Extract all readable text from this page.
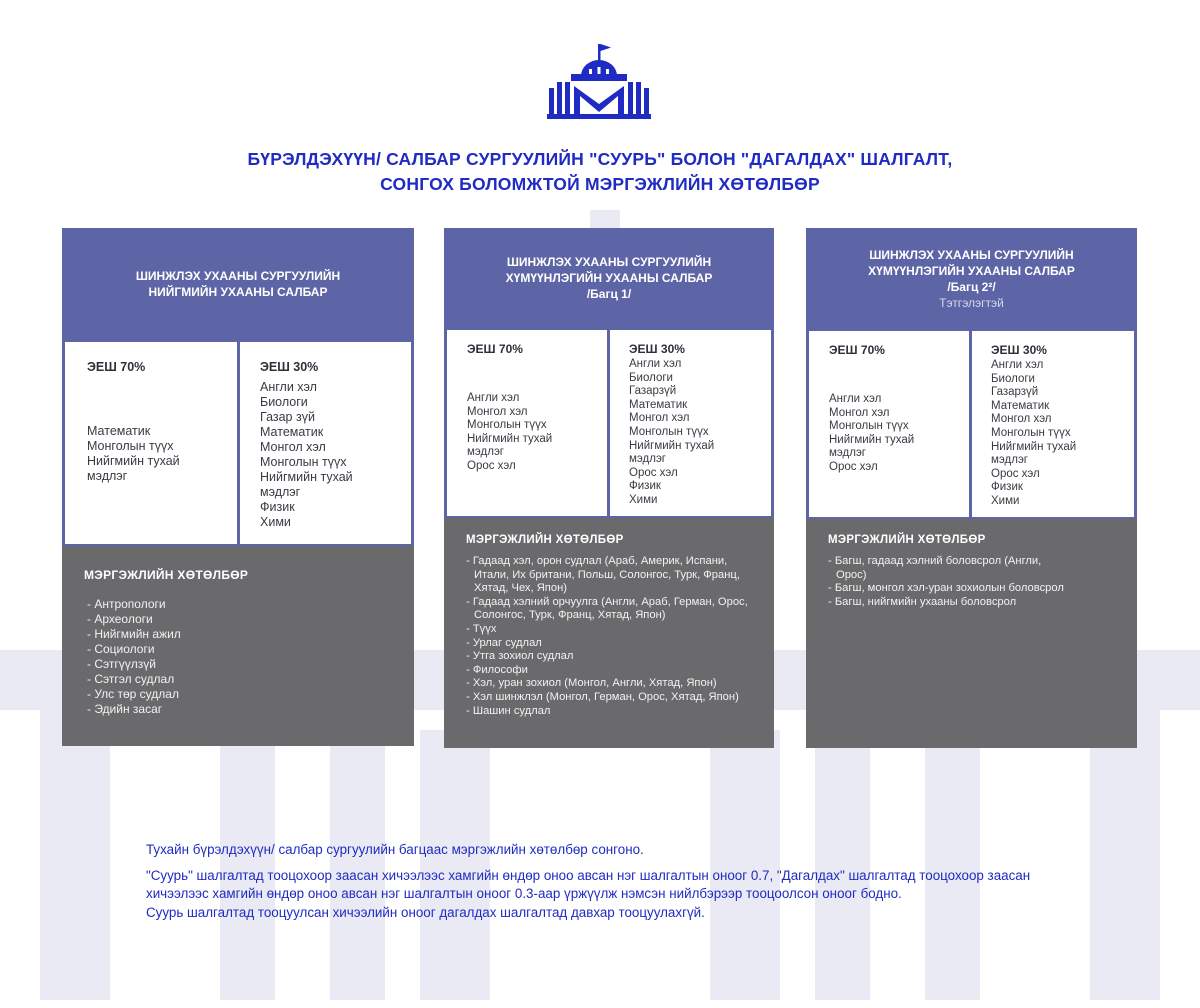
БҮРЭЛДЭХҮҮН/ САЛБАР СУРГУУЛИЙН "СУУРЬ" БОЛОН "ДАГАЛДАХ" ШАЛГАЛТ,
СОНГОХ БОЛОМЖТОЙ МЭРГЭЖЛИЙН ХӨТӨЛБӨР
ШИНЖЛЭХ УХААНЫ СУРГУУЛИЙН
НИЙГМИЙН УХААНЫ САЛБАР
ЭЕШ 70%
Математик
Монголын түүх
Нийгмийн тухай
мэдлэг
ЭЕШ 30%
Англи хэл
Биологи
Газар зүй
Математик
Монгол хэл
Монголын түүх
Нийгмийн тухай
мэдлэг
Физик
Хими
МЭРГЭЖЛИЙН ХӨТӨЛБӨР
- Антропологи
- Археологи
- Нийгмийн ажил
- Социологи
- Сэтгүүлзүй
- Сэтгэл судлал
- Улс төр судлал
- Эдийн засаг
ШИНЖЛЭХ УХААНЫ СУРГУУЛИЙН
ХҮМҮҮНЛЭГИЙН УХААНЫ САЛБАР
/Багц 1/
ЭЕШ 70%
Англи хэл
Монгол хэл
Монголын түүх
Нийгмийн тухай
мэдлэг
Орос хэл
ЭЕШ 30%
Англи хэл
Биологи
Газарзүй
Математик
Монгол хэл
Монголын түүх
Нийгмийн тухай
мэдлэг
Орос хэл
Физик
Хими
МЭРГЭЖЛИЙН ХӨТӨЛБӨР
- Гадаад хэл, орон судлал (Араб, Америк, Испани, Итали, Их британи, Польш, Солонгос, Турк, Франц, Хятад, Чех, Япон)
- Гадаад хэлний орчуулга (Англи, Араб, Герман, Орос, Солонгос, Турк, Франц, Хятад, Япон)
- Түүх
- Урлаг судлал
- Утга зохиол судлал
- Философи
- Хэл, уран зохиол (Монгол, Англи, Хятад, Япон)
- Хэл шинжлэл (Монгол, Герман, Орос, Хятад, Япон)
- Шашин судлал
ШИНЖЛЭХ УХААНЫ СУРГУУЛИЙН
ХҮМҮҮНЛЭГИЙН УХААНЫ САЛБАР
/Багц 2²/
Тэтгэлэгтэй
ЭЕШ 70%
Англи хэл
Монгол хэл
Монголын түүх
Нийгмийн тухай
мэдлэг
Орос хэл
ЭЕШ 30%
Англи хэл
Биологи
Газарзүй
Математик
Монгол хэл
Монголын түүх
Нийгмийн тухай
мэдлэг
Орос хэл
Физик
Хими
МЭРГЭЖЛИЙН ХӨТӨЛБӨР
- Багш, гадаад хэлний боловсрол (Англи, Орос)
- Багш, монгол хэл-уран зохиолын боловсрол
- Багш, нийгмийн ухааны боловсрол

Тухайн бүрэлдэхүүн/ салбар сургуулийн багцаас мэргэжлийн хөтөлбөр сонгоно.

"Суурь" шалгалтад тооцохоор заасан хичээлээс хамгийн өндөр оноо авсан нэг шалгалтын оноог 0.7, "Дагалдах" шалгалтад тооцохоор заасан хичээлээс хамгийн өндөр оноо авсан нэг шалгалтын оноог 0.3-аар үржүүлж нэмсэн нийлбэрээр тооцоолсон оноог бодно.

Суурь шалгалтад тооцуулсан хичээлийн оноог дагалдах шалгалтад давхар тооцуулахгүй.
